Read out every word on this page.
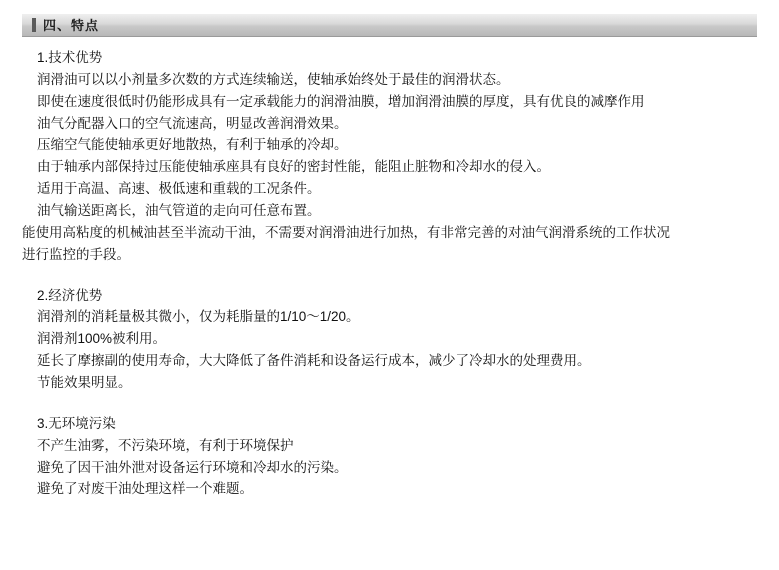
四、特点

1.技术优势

润滑油可以以小剂量多次数的方式连续输送，使轴承始终处于最佳的润滑状态。

即使在速度很低时仍能形成具有一定承载能力的润滑油膜，增加润滑油膜的厚度，具有优良的减摩作用

油气分配器入口的空气流速高，明显改善润滑效果。

压缩空气能使轴承更好地散热，有利于轴承的冷却。

由于轴承内部保持过压能使轴承座具有良好的密封性能，能阻止脏物和冷却水的侵入。

适用于高温、高速、极低速和重载的工况条件。

油气输送距离长，油气管道的走向可任意布置。

能使用高粘度的机械油甚至半流动干油，不需要对润滑油进行加热，有非常完善的对油气润滑系统的工作状况

进行监控的手段。

2.经济优势

润滑剂的消耗量极其微小，仅为耗脂量的1/10～1/20。

润滑剂100%被利用。

延长了摩擦副的使用寿命，大大降低了备件消耗和设备运行成本，减少了冷却水的处理费用。

节能效果明显。

3.无环境污染

不产生油雾，不污染环境，有利于环境保护

避免了因干油外泄对设备运行环境和冷却水的污染。

避免了对废干油处理这样一个难题。
